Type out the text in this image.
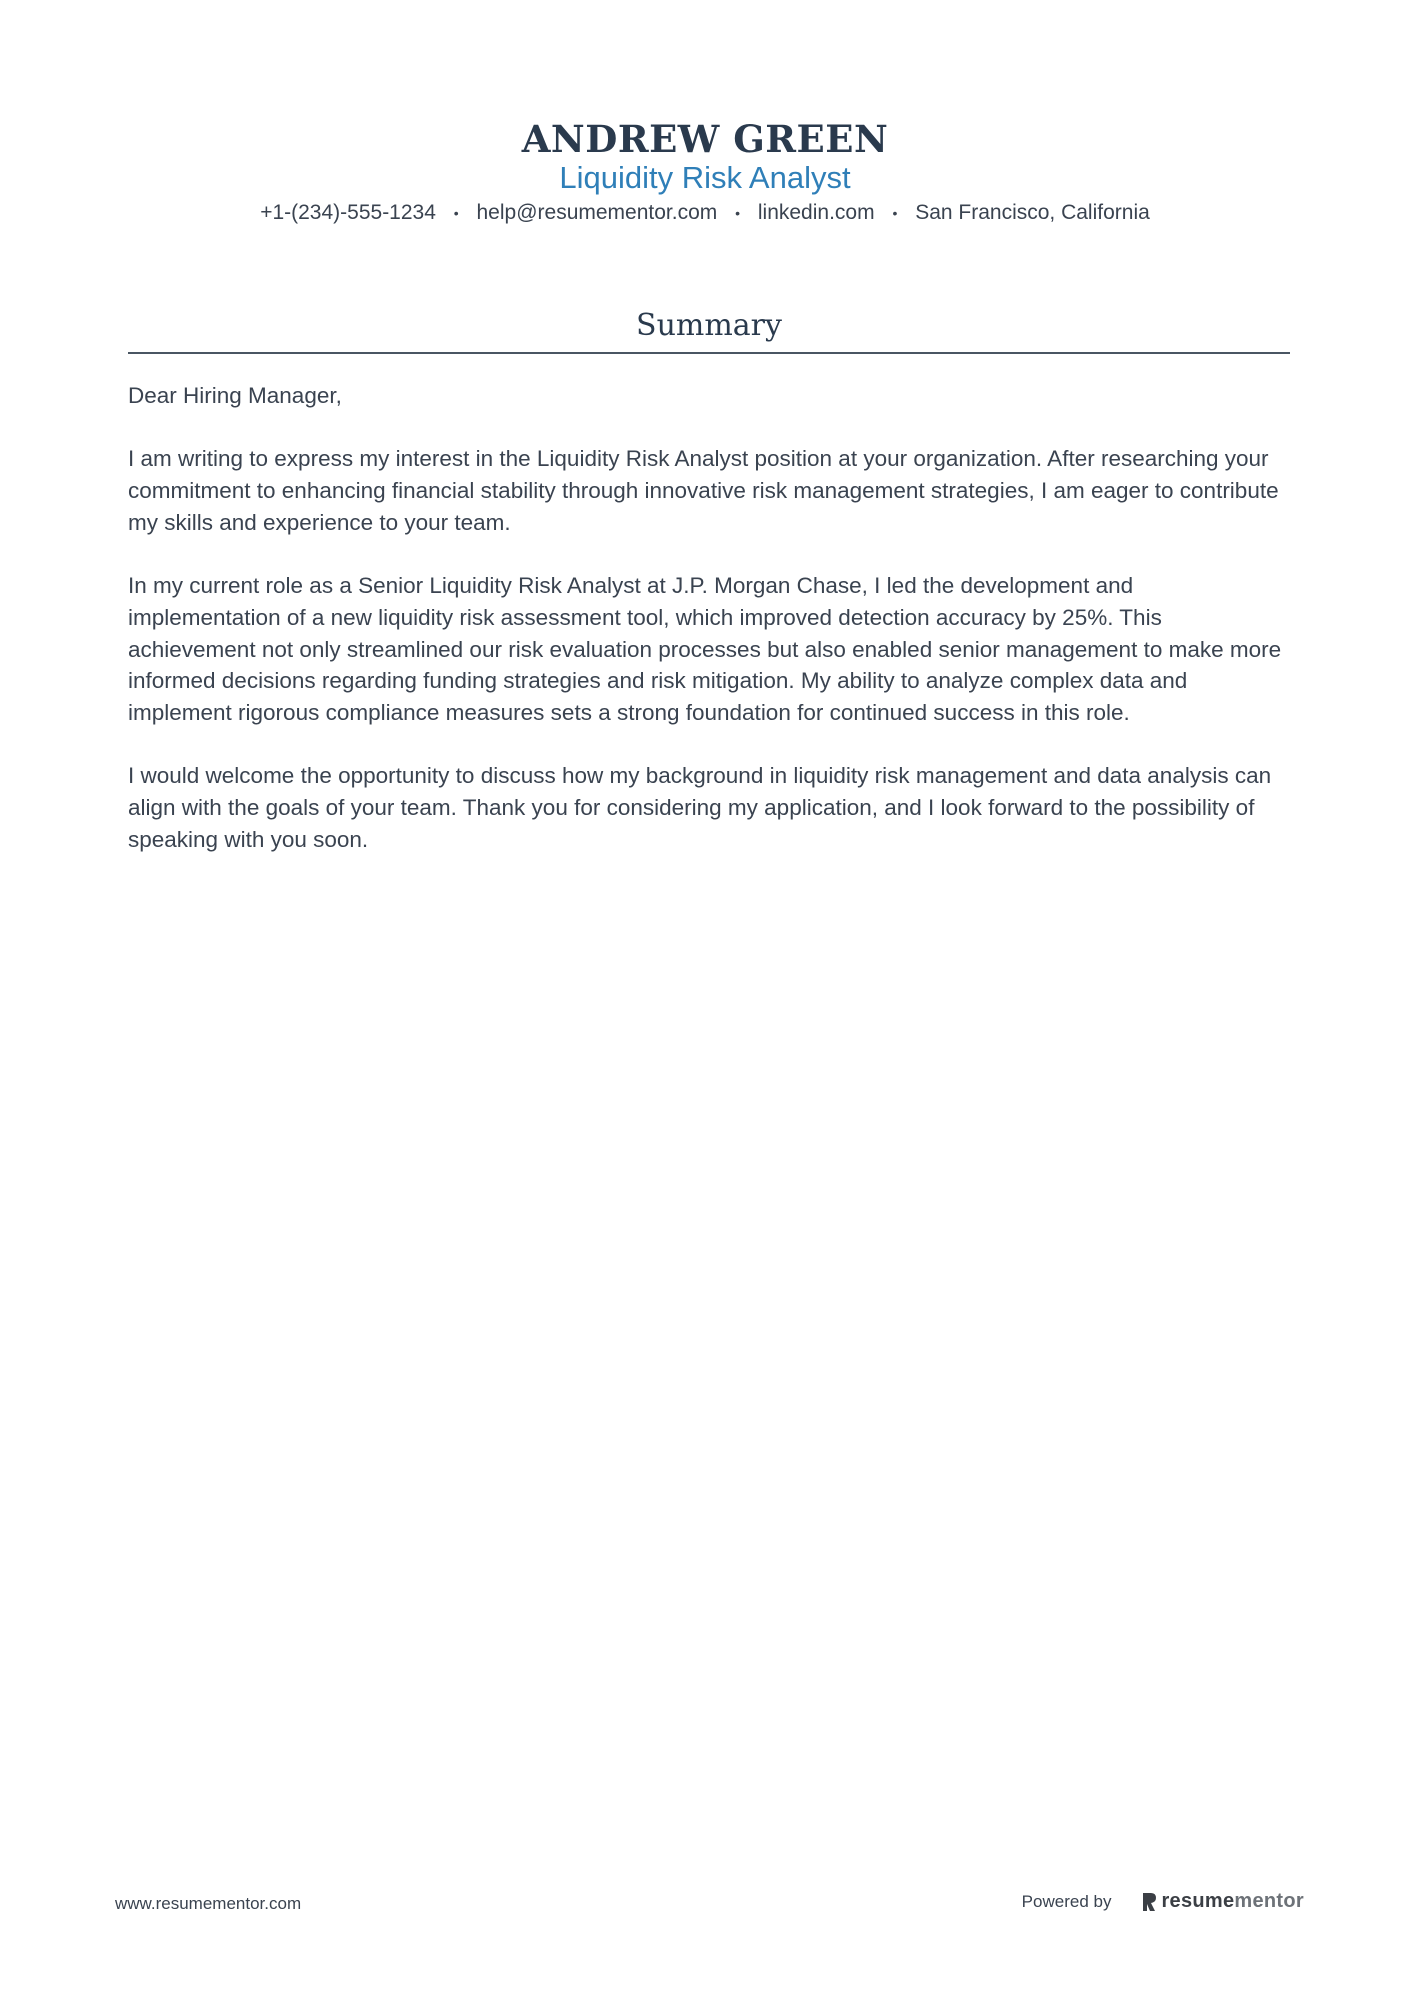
ANDREW GREEN
Liquidity Risk Analyst
+1-(234)-555-1234 • help@resumementor.com • linkedin.com • San Francisco, California
Summary

Dear Hiring Manager,

I am writing to express my interest in the Liquidity Risk Analyst position at your organization. After researching your commitment to enhancing financial stability through innovative risk management strategies, I am eager to contribute my skills and experience to your team.

In my current role as a Senior Liquidity Risk Analyst at J.P. Morgan Chase, I led the development and implementation of a new liquidity risk assessment tool, which improved detection accuracy by 25%. This achievement not only streamlined our risk evaluation processes but also enabled senior management to make more informed decisions regarding funding strategies and risk mitigation. My ability to analyze complex data and implement rigorous compliance measures sets a strong foundation for continued success in this role.

I would welcome the opportunity to discuss how my background in liquidity risk management and data analysis can align with the goals of your team. Thank you for considering my application, and I look forward to the possibility of speaking with you soon.

www.resumementor.com	Powered by	resume mentor
